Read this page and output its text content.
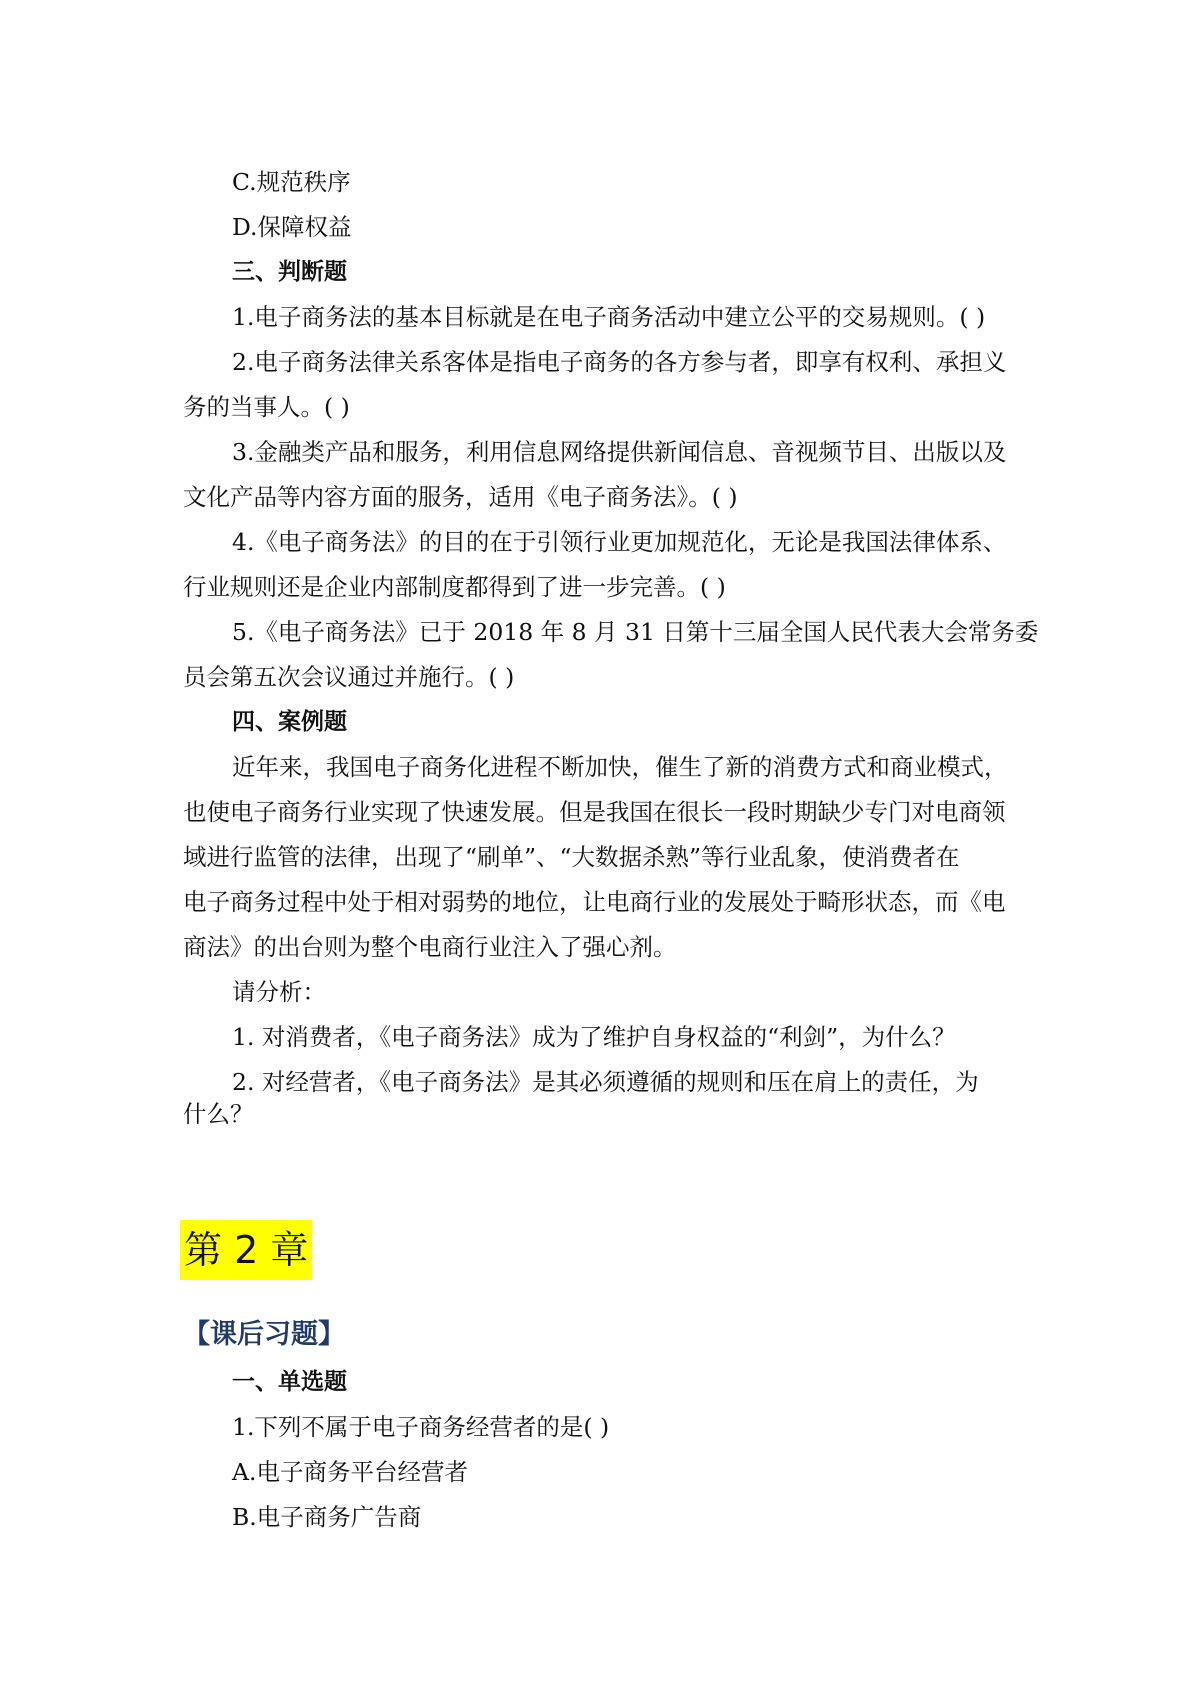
C.规范秩序

D.保障权益

三、判断题

1.电子商务法的基本目标就是在电子商务活动中建立公平的交易规则。( )

2.电子商务法律关系客体是指电子商务的各方参与者，即享有权利、承担义

务的当事人。( )

3.金融类产品和服务，利用信息网络提供新闻信息、音视频节目、出版以及

文化产品等内容方面的服务，适用《电子商务法》。( )

4.《电子商务法》的目的在于引领行业更加规范化，无论是我国法律体系、

行业规则还是企业内部制度都得到了进一步完善。( )

5.《电子商务法》已于 2018 年 8 月 31 日第十三届全国人民代表大会常务委

员会第五次会议通过并施行。( )

四、案例题

近年来，我国电子商务化进程不断加快，催生了新的消费方式和商业模式，

也使电子商务行业实现了快速发展。但是我国在很长一段时期缺少专门对电商领

域进行监管的法律，出现了“刷单”、“大数据杀熟”等行业乱象，使消费者在

电子商务过程中处于相对弱势的地位，让电商行业的发展处于畸形状态，而《电

商法》的出台则为整个电商行业注入了强心剂。

请分析：

1. 对消费者，《电子商务法》成为了维护自身权益的“利剑”，为什么？

2. 对经营者，《电子商务法》是其必须遵循的规则和压在肩上的责任，为

什么？

第 2 章
【课后习题】

一、单选题

1.下列不属于电子商务经营者的是( )

A.电子商务平台经营者

B.电子商务广告商
